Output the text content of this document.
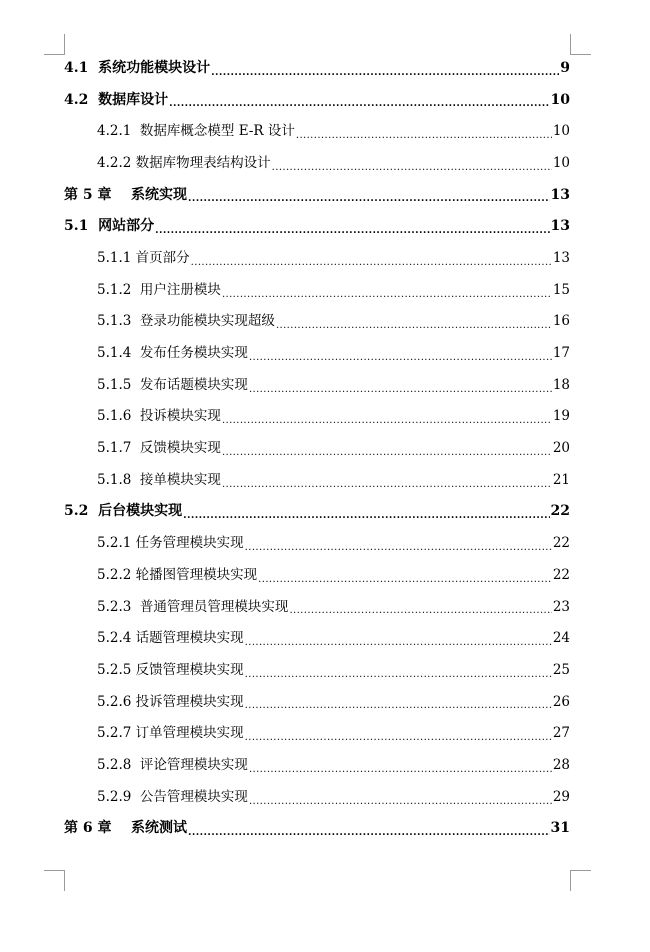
4.1  系统功能模块设计 .....	9
4.2  数据库设计 .....	10
4.2.1  数据库概念模型 E-R 设计 .....	10
4.2.2 数据库物理表结构设计 .....	10
第 5 章    系统实现 .....	13
5.1  网站部分 .....	13
5.1.1 首页部分 .....	13
5.1.2  用户注册模块 .....	15
5.1.3  登录功能模块实现超级 .....	16
5.1.4  发布任务模块实现 .....	17
5.1.5  发布话题模块实现 .....	18
5.1.6  投诉模块实现 .....	19
5.1.7  反馈模块实现 .....	20
5.1.8  接单模块实现 .....	21
5.2  后台模块实现 .....	22
5.2.1 任务管理模块实现 .....	22
5.2.2 轮播图管理模块实现 .....	22
5.2.3  普通管理员管理模块实现 .....	23
5.2.4 话题管理模块实现 .....	24
5.2.5 反馈管理模块实现 .....	25
5.2.6 投诉管理模块实现 .....	26
5.2.7 订单管理模块实现 .....	27
5.2.8  评论管理模块实现 .....	28
5.2.9  公告管理模块实现 .....	29
第 6 章    系统测试 .....	31
